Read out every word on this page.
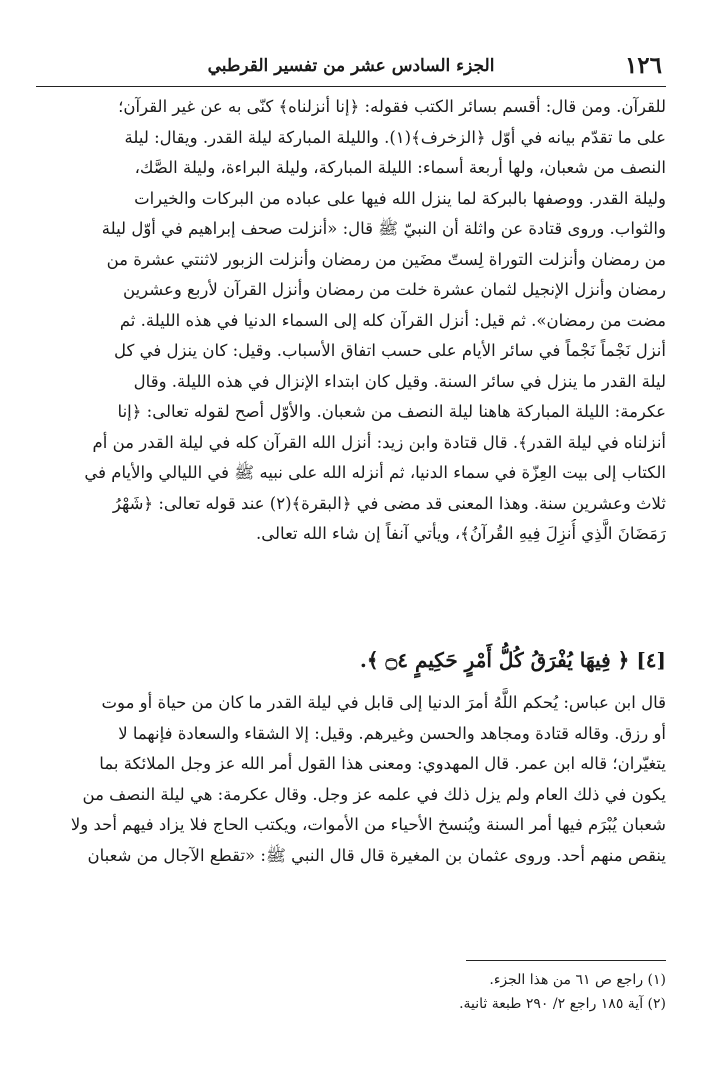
١٢٦
الجزء السادس عشر من تفسير القرطبي
للقرآن. ومن قال: أقسم بسائر الكتب فقوله: ﴿إنا أنزلناه﴾ كنّى به عن غير القرآن؛
على ما تقدّم بيانه في أوّل ﴿الزخرف﴾(١). والليلة المباركة ليلة القدر. ويقال: ليلة
النصف من شعبان، ولها أربعة أسماء: الليلة المباركة، وليلة البراءة، وليلة الصَّك،
وليلة القدر. ووصفها بالبركة لما ينزل الله فيها على عباده من البركات والخيرات
والثواب. وروى قتادة عن واثلة أن النبيّ ﷺ قال: «أنزلت صحف إبراهيم في أوّل ليلة
من رمضان وأنزلت التوراة لِستّ مضَين من رمضان وأنزلت الزبور لاثنتي عشرة من
رمضان وأنزل الإنجيل لثمان عشرة خلت من رمضان وأنزل القرآن لأربع وعشرين
مضت من رمضان». ثم قيل: أنزل القرآن كله إلى السماء الدنيا في هذه الليلة. ثم
أنزل نَجْماً نَجْماً في سائر الأيام على حسب اتفاق الأسباب. وقيل: كان ينزل في كل
ليلة القدر ما ينزل في سائر السنة. وقيل كان ابتداء الإنزال في هذه الليلة. وقال
عكرمة: الليلة المباركة هاهنا ليلة النصف من شعبان. والأوّل أصح لقوله تعالى: ﴿إنا
أنزلناه في ليلة القدر﴾. قال قتادة وابن زيد: أنزل الله القرآن كله في ليلة القدر من أم
الكتاب إلى بيت العِزّة في سماء الدنيا، ثم أنزله الله على نبيه ﷺ في الليالي والأيام في
ثلاث وعشرين سنة. وهذا المعنى قد مضى في ﴿البقرة﴾(٢) عند قوله تعالى: ﴿شَهْرُ
رَمَضَانَ الَّذِي أُنزِلَ فِيهِ القُرآنُ﴾، ويأتي آنفاً إن شاء الله تعالى.
[٤] ﴿ فِيهَا يُفْرَقُ كُلُّ أَمْرٍ حَكِيمٍ ۝٤ ﴾.
قال ابن عباس: يُحكم اللَّهُ أمرَ الدنيا إلى قابل في ليلة القدر ما كان من حياة أو موت
أو رزق. وقاله قتادة ومجاهد والحسن وغيرهم. وقيل: إلا الشقاء والسعادة فإنهما لا
يتغيّران؛ قاله ابن عمر. قال المهدوي: ومعنى هذا القول أمر الله عز وجل الملائكة بما
يكون في ذلك العام ولم يزل ذلك في علمه عز وجل. وقال عكرمة: هي ليلة النصف من
شعبان يُبْرَم فيها أمر السنة ويُنسخ الأحياء من الأموات، ويكتب الحاج فلا يزاد فيهم أحد ولا
ينقص منهم أحد. وروى عثمان بن المغيرة قال قال النبي ﷺ: «تقطع الآجال من شعبان
(١) راجع ص ٦١ من هذا الجزء.
(٢) آية ١٨٥ راجع ٢/ ٢٩٠ طبعة ثانية.
